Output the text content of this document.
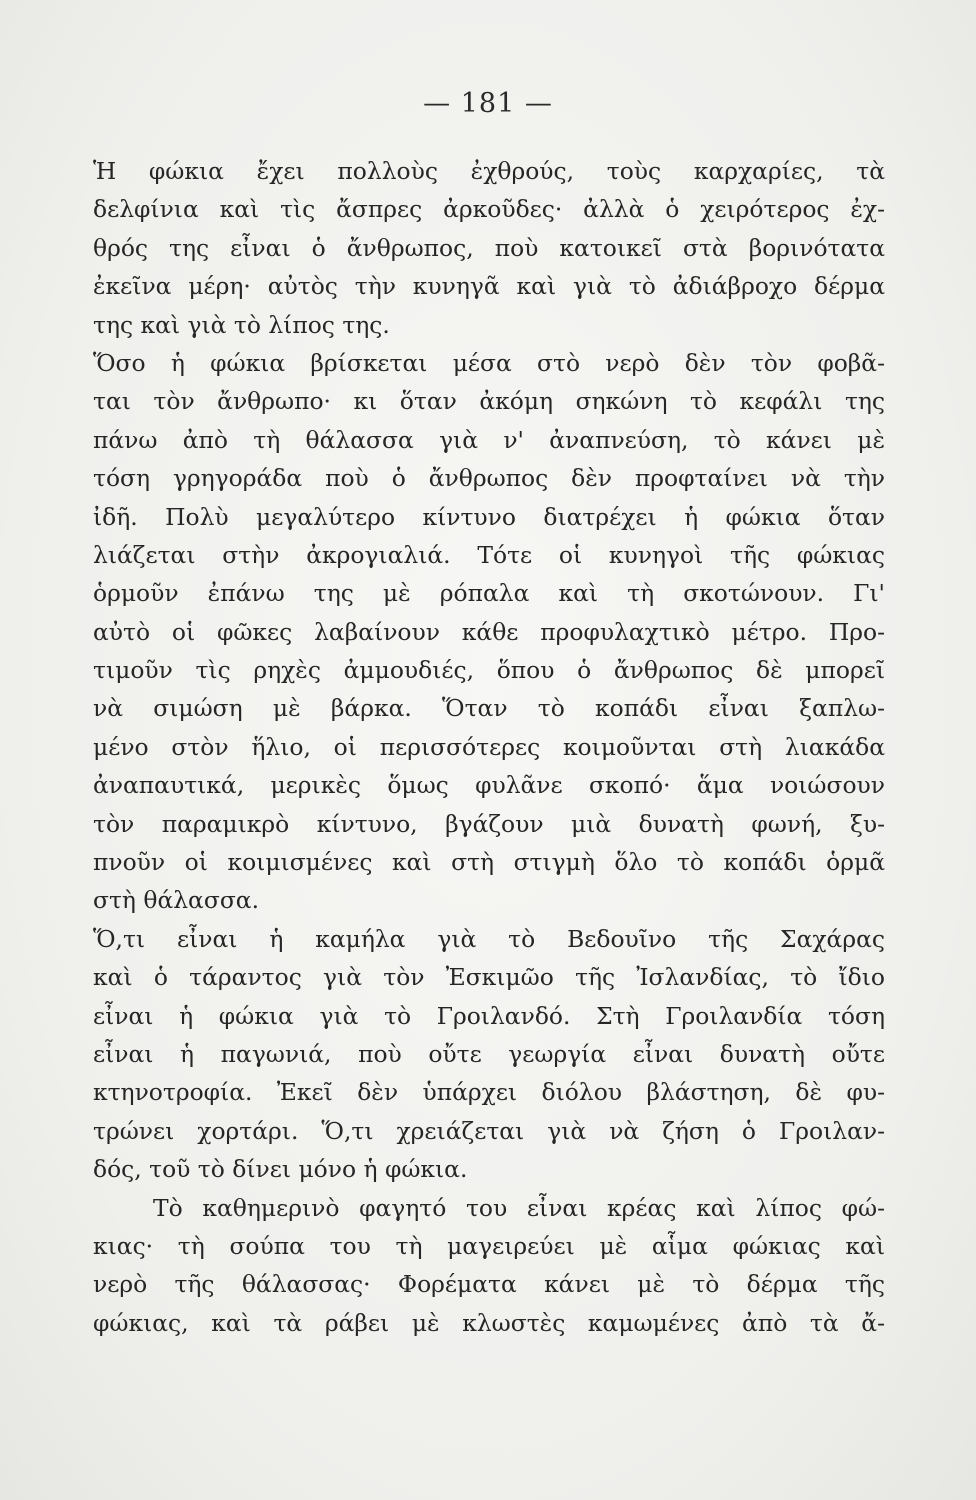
— 181 —
Ἡ φώκια ἔχει πολλοὺς ἐχθρούς, τοὺς καρχαρίες, τὰ
δελφίνια καὶ τὶς ἄσπρες ἀρκοῦδες· ἀλλὰ ὁ χειρότερος ἐχ-
θρός της εἶναι ὁ ἄνθρωπος, ποὺ κατοικεῖ στὰ βορινότατα
ἐκεῖνα μέρη· αὐτὸς τὴν κυνηγᾶ καὶ γιὰ τὸ ἀδιάβροχο δέρμα
της καὶ γιὰ τὸ λίπος της.
Ὅσο ἡ φώκια βρίσκεται μέσα στὸ νερὸ δὲν τὸν φοβᾶ-
ται τὸν ἄνθρωπο· κι ὅταν ἀκόμη σηκώνη τὸ κεφάλι της
πάνω ἀπὸ τὴ θάλασσα γιὰ ν' ἀναπνεύση, τὸ κάνει μὲ
τόση γρηγοράδα ποὺ ὁ ἄνθρωπος δὲν προφταίνει νὰ τὴν
ἰδῆ. Πολὺ μεγαλύτερο κίντυνο διατρέχει ἡ φώκια ὅταν
λιάζεται στὴν ἀκρογιαλιά. Τότε οἱ κυνηγοὶ τῆς φώκιας
ὁρμοῦν ἐπάνω της μὲ ρόπαλα καὶ τὴ σκοτώνουν. Γι'
αὐτὸ οἱ φῶκες λαβαίνουν κάθε προφυλαχτικὸ μέτρο. Προ-
τιμοῦν τὶς ρηχὲς ἀμμουδιές, ὅπου ὁ ἄνθρωπος δὲ μπορεῖ
νὰ σιμώση μὲ βάρκα. Ὅταν τὸ κοπάδι εἶναι ξαπλω-
μένο στὸν ἥλιο, οἱ περισσότερες κοιμοῦνται στὴ λιακάδα
ἀναπαυτικά, μερικὲς ὅμως φυλᾶνε σκοπό· ἅμα νοιώσουν
τὸν παραμικρὸ κίντυνο, βγάζουν μιὰ δυνατὴ φωνή, ξυ-
πνοῦν οἱ κοιμισμένες καὶ στὴ στιγμὴ ὅλο τὸ κοπάδι ὁρμᾶ
στὴ θάλασσα.
Ὅ,τι εἶναι ἡ καμήλα γιὰ τὸ Βεδουῖνο τῆς Σαχάρας
καὶ ὁ τάραντος γιὰ τὸν Ἐσκιμῶο τῆς Ἰσλανδίας, τὸ ἴδιο
εἶναι ἡ φώκια γιὰ τὸ Γροιλανδό. Στὴ Γροιλανδία τόση
εἶναι ἡ παγωνιά, ποὺ οὔτε γεωργία εἶναι δυνατὴ οὔτε
κτηνοτροφία. Ἐκεῖ δὲν ὑπάρχει διόλου βλάστηση, δὲ φυ-
τρώνει χορτάρι. Ὅ,τι χρειάζεται γιὰ νὰ ζήση ὁ Γροιλαν-
δός, τοῦ τὸ δίνει μόνο ἡ φώκια.
Τὸ καθημερινὸ φαγητό του εἶναι κρέας καὶ λίπος φώ-
κιας· τὴ σούπα του τὴ μαγειρεύει μὲ αἷμα φώκιας καὶ
νερὸ τῆς θάλασσας· Φορέματα κάνει μὲ τὸ δέρμα τῆς
φώκιας, καὶ τὰ ράβει μὲ κλωστὲς καμωμένες ἀπὸ τὰ ἄ-
